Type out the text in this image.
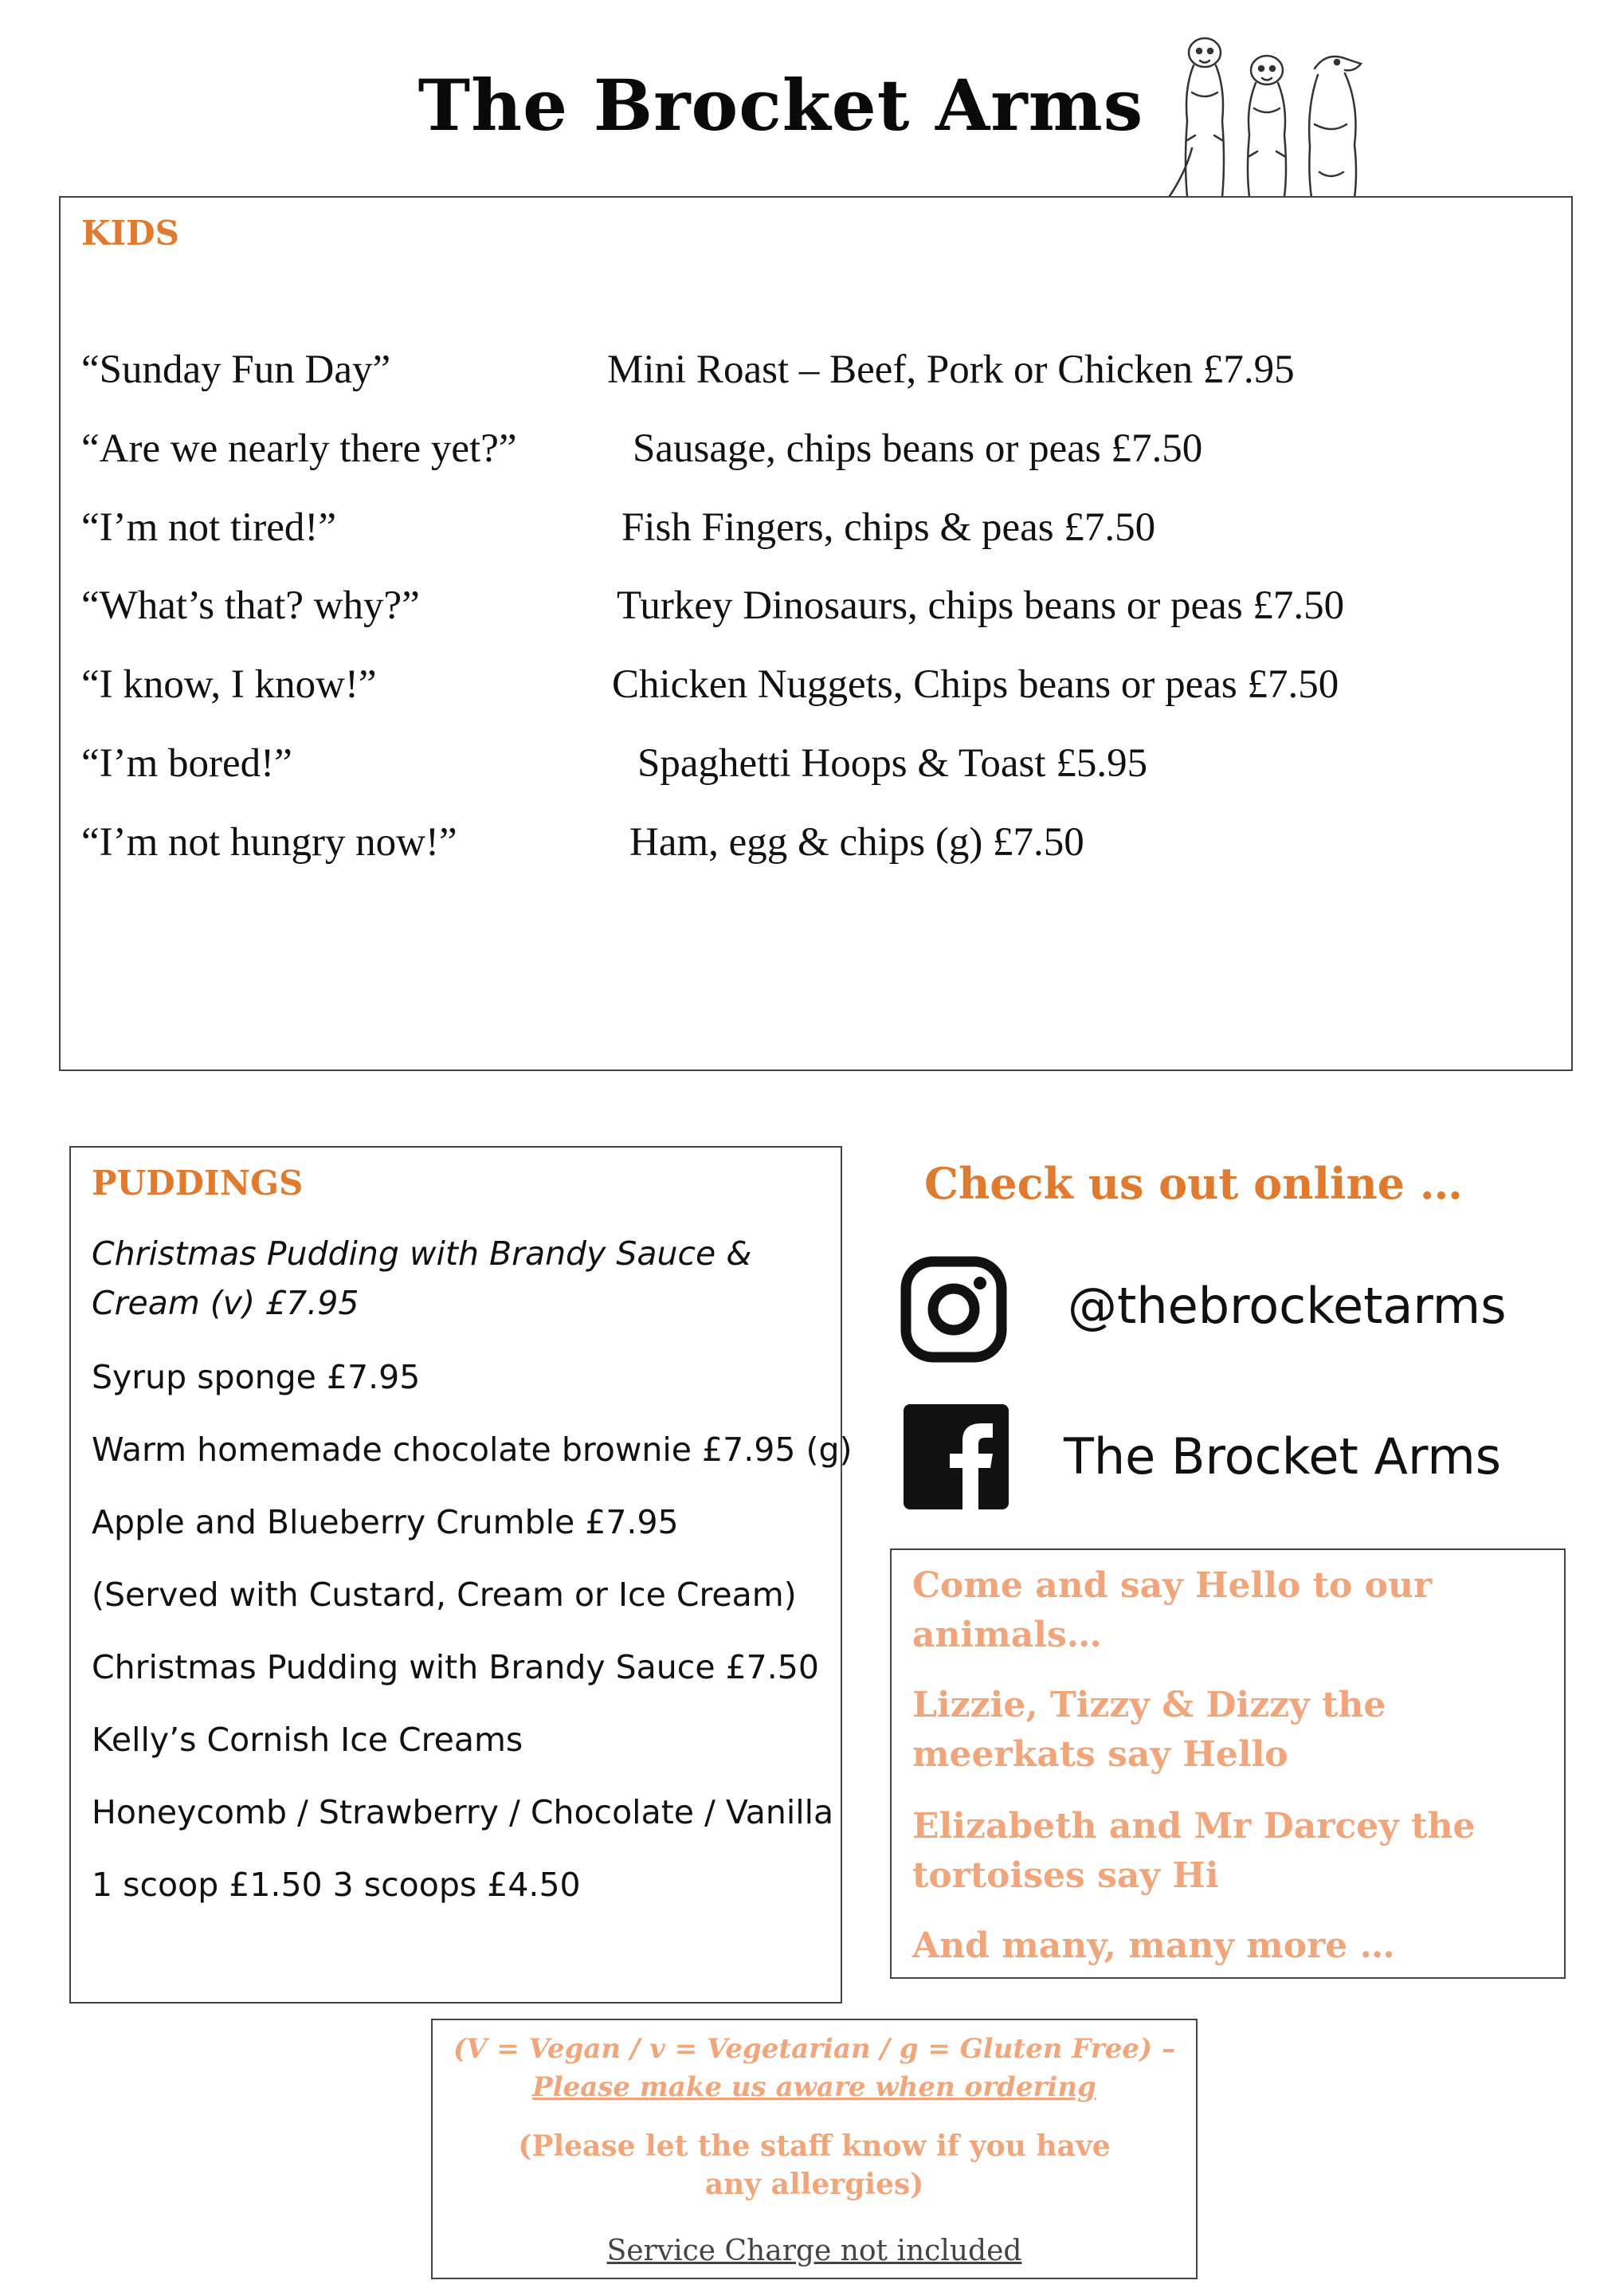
The Brocket Arms
KIDS
“Sunday Fun Day”	Mini Roast – Beef, Pork or Chicken £7.95
“Are we nearly there yet?”	Sausage, chips beans or peas £7.50
“I’m not tired!”	Fish Fingers, chips & peas £7.50
“What’s that? why?”	Turkey Dinosaurs, chips beans or peas £7.50
“I know, I know!”	Chicken Nuggets, Chips beans or peas £7.50
“I’m bored!”	Spaghetti Hoops & Toast £5.95
“I’m not hungry now!”	Ham, egg & chips (g) £7.50
PUDDINGS
Christmas Pudding with Brandy Sauce & Cream (v) £7.95
Syrup sponge £7.95
Warm homemade chocolate brownie £7.95 (g)
Apple and Blueberry Crumble £7.95
(Served with Custard, Cream or Ice Cream)
Christmas Pudding with Brandy Sauce £7.50
Kelly’s Cornish Ice Creams
Honeycomb / Strawberry / Chocolate / Vanilla
1 scoop £1.50 3 scoops £4.50
Check us out online …
@thebrocketarms
The Brocket Arms
Come and say Hello to our animals…
Lizzie, Tizzy & Dizzy the meerkats say Hello
Elizabeth and Mr Darcey the tortoises say Hi
And many, many more …
(V = Vegan / v = Vegetarian / g = Gluten Free) –
Please make us aware when ordering
(Please let the staff know if you have any allergies)
Service Charge not included
